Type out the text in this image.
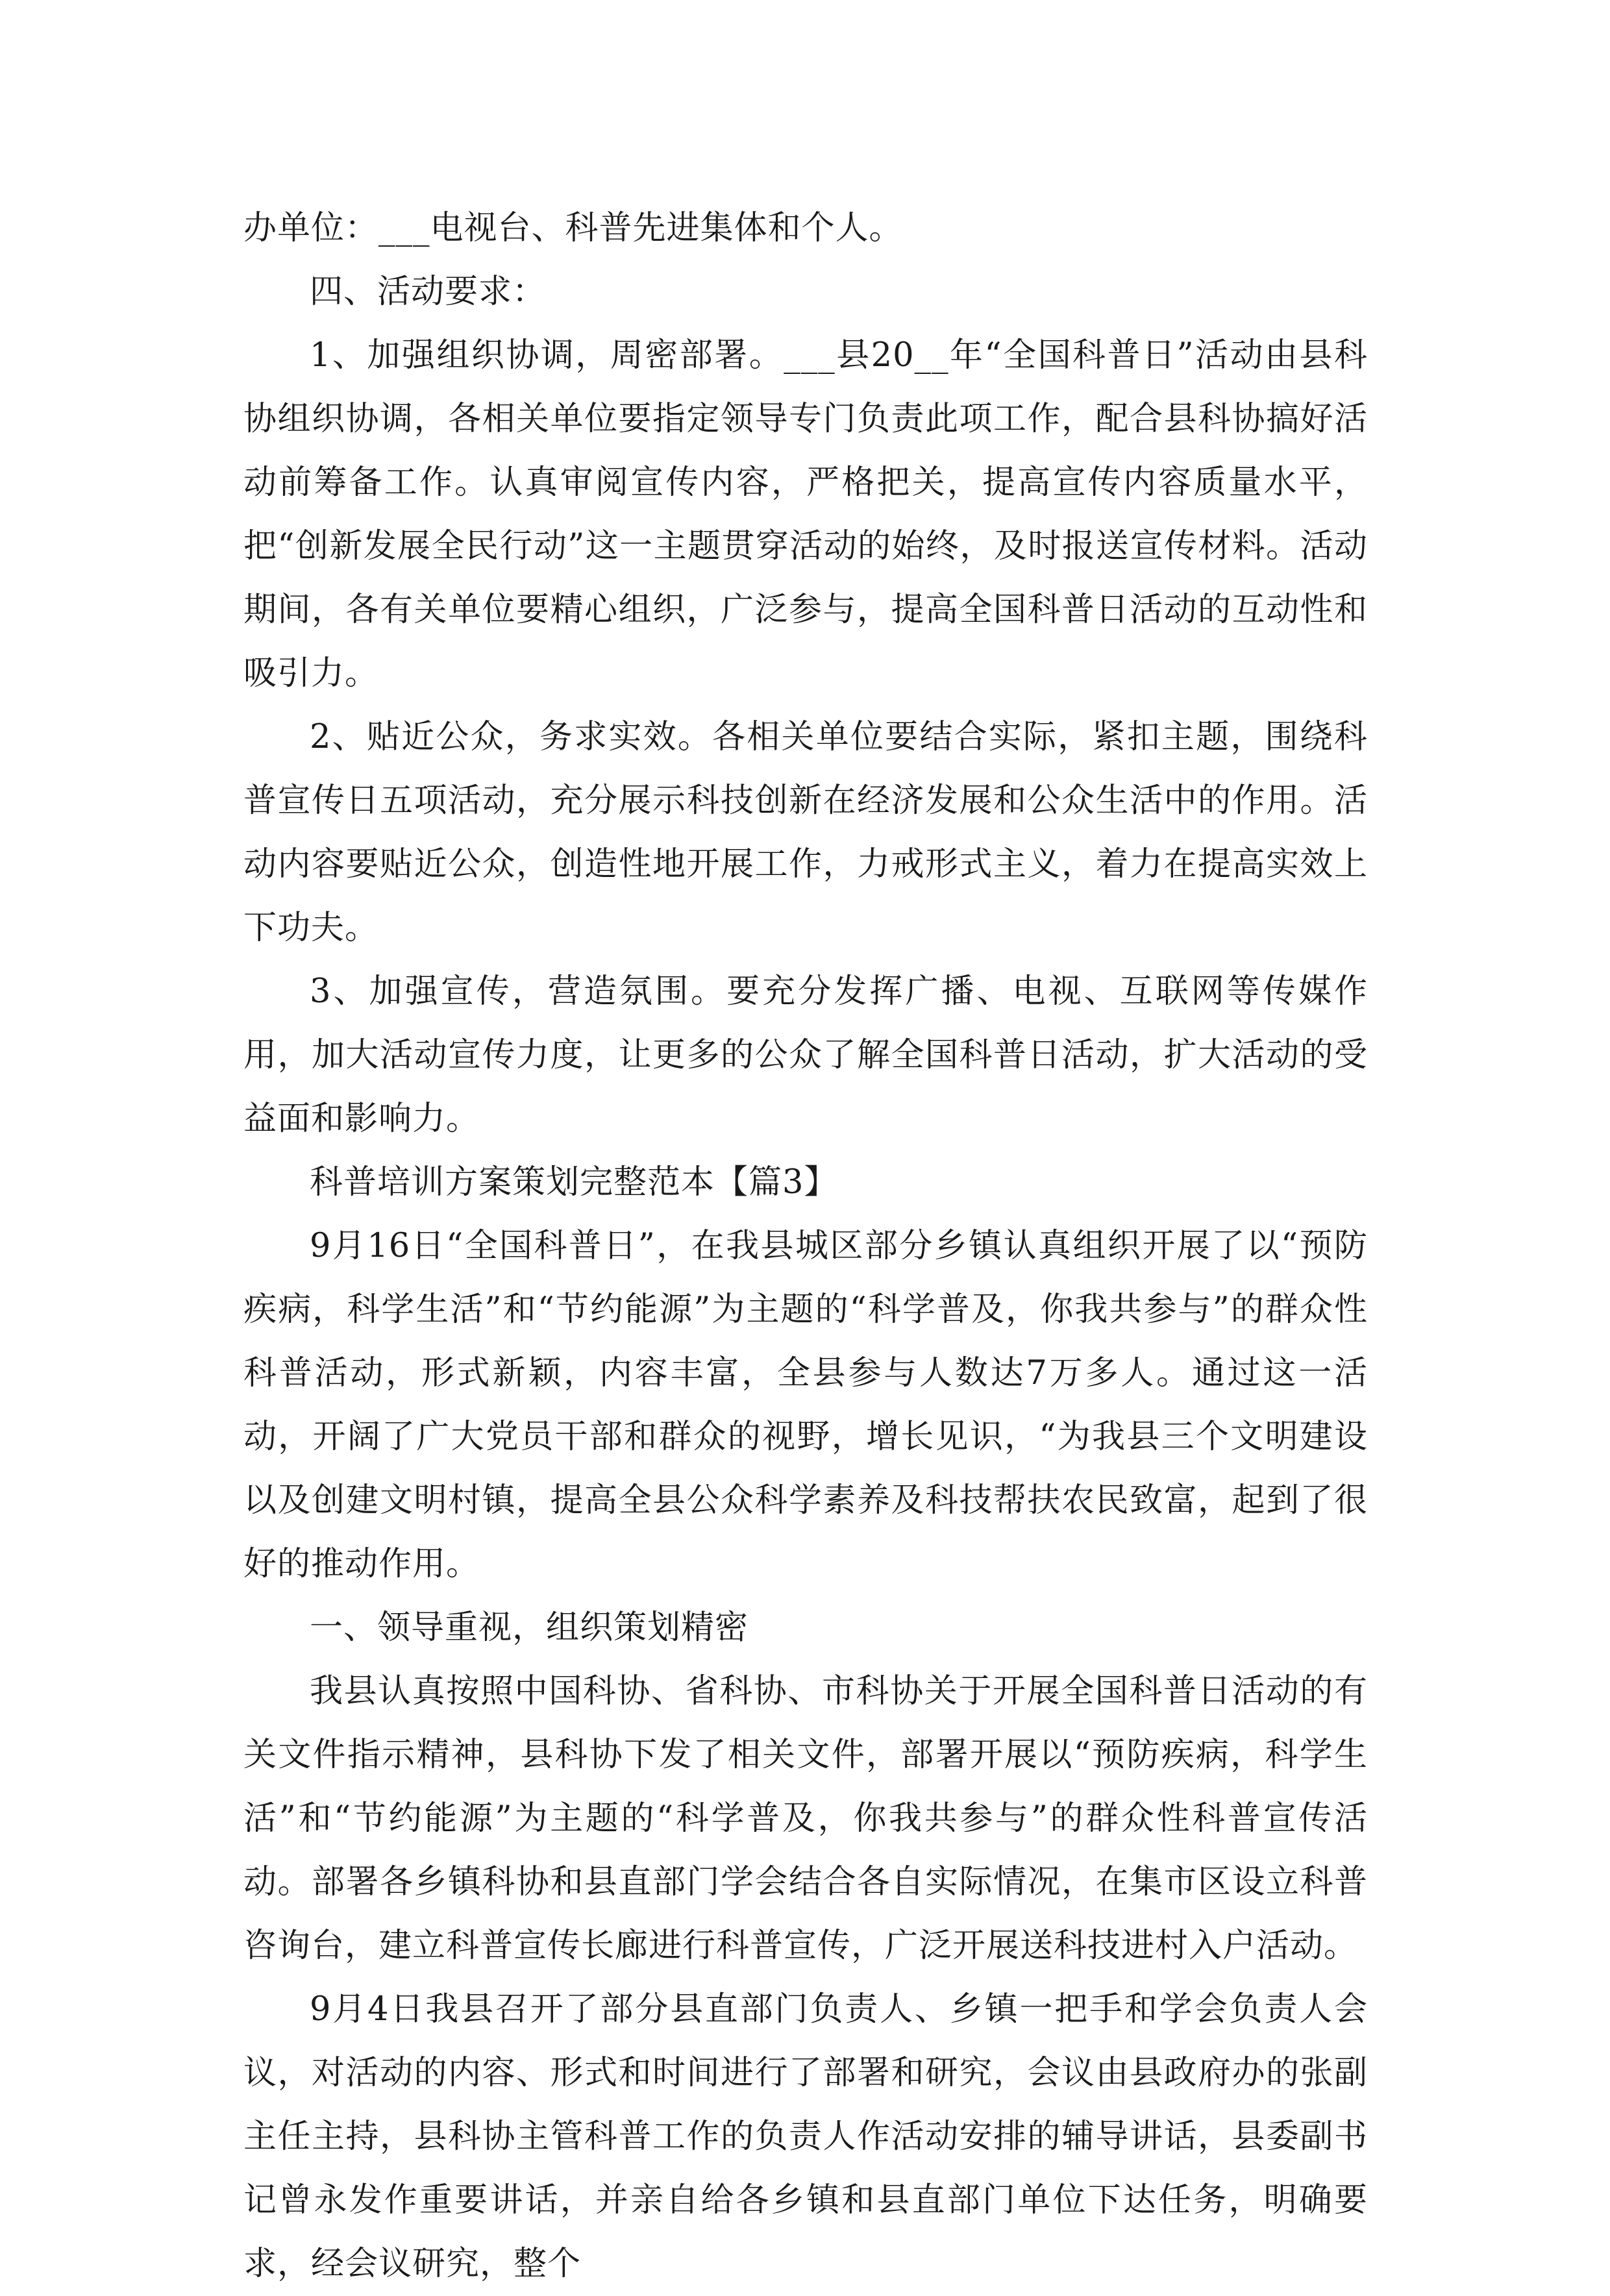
办单位：___电视台、科普先进集体和个人。

四、活动要求：

1、加强组织协调，周密部署。___县20__年“全国科普日”活动由县科协组织协调，各相关单位要指定领导专门负责此项工作，配合县科协搞好活动前筹备工作。认真审阅宣传内容，严格把关，提高宣传内容质量水平，把“创新发展全民行动”这一主题贯穿活动的始终，及时报送宣传材料。活动期间，各有关单位要精心组织，广泛参与，提高全国科普日活动的互动性和吸引力。

2、贴近公众，务求实效。各相关单位要结合实际，紧扣主题，围绕科普宣传日五项活动，充分展示科技创新在经济发展和公众生活中的作用。活动内容要贴近公众，创造性地开展工作，力戒形式主义，着力在提高实效上下功夫。

3、加强宣传，营造氛围。要充分发挥广播、电视、互联网等传媒作用，加大活动宣传力度，让更多的公众了解全国科普日活动，扩大活动的受益面和影响力。

科普培训方案策划完整范本【篇3】

9月16日“全国科普日”，在我县城区部分乡镇认真组织开展了以“预防疾病，科学生活”和“节约能源”为主题的“科学普及，你我共参与”的群众性科普活动，形式新颖，内容丰富，全县参与人数达7万多人。通过这一活动，开阔了广大党员干部和群众的视野，增长见识，“为我县三个文明建设以及创建文明村镇，提高全县公众科学素养及科技帮扶农民致富，起到了很好的推动作用。

一、领导重视，组织策划精密

我县认真按照中国科协、省科协、市科协关于开展全国科普日活动的有关文件指示精神，县科协下发了相关文件，部署开展以“预防疾病，科学生活”和“节约能源”为主题的“科学普及，你我共参与”的群众性科普宣传活动。部署各乡镇科协和县直部门学会结合各自实际情况，在集市区设立科普咨询台，建立科普宣传长廊进行科普宣传，广泛开展送科技进村入户活动。

9月4日我县召开了部分县直部门负责人、乡镇一把手和学会负责人会议，对活动的内容、形式和时间进行了部署和研究，会议由县政府办的张副主任主持，县科协主管科普工作的负责人作活动安排的辅导讲话，县委副书记曾永发作重要讲话，并亲自给各乡镇和县直部门单位下达任务，明确要求，经会议研究，整个
